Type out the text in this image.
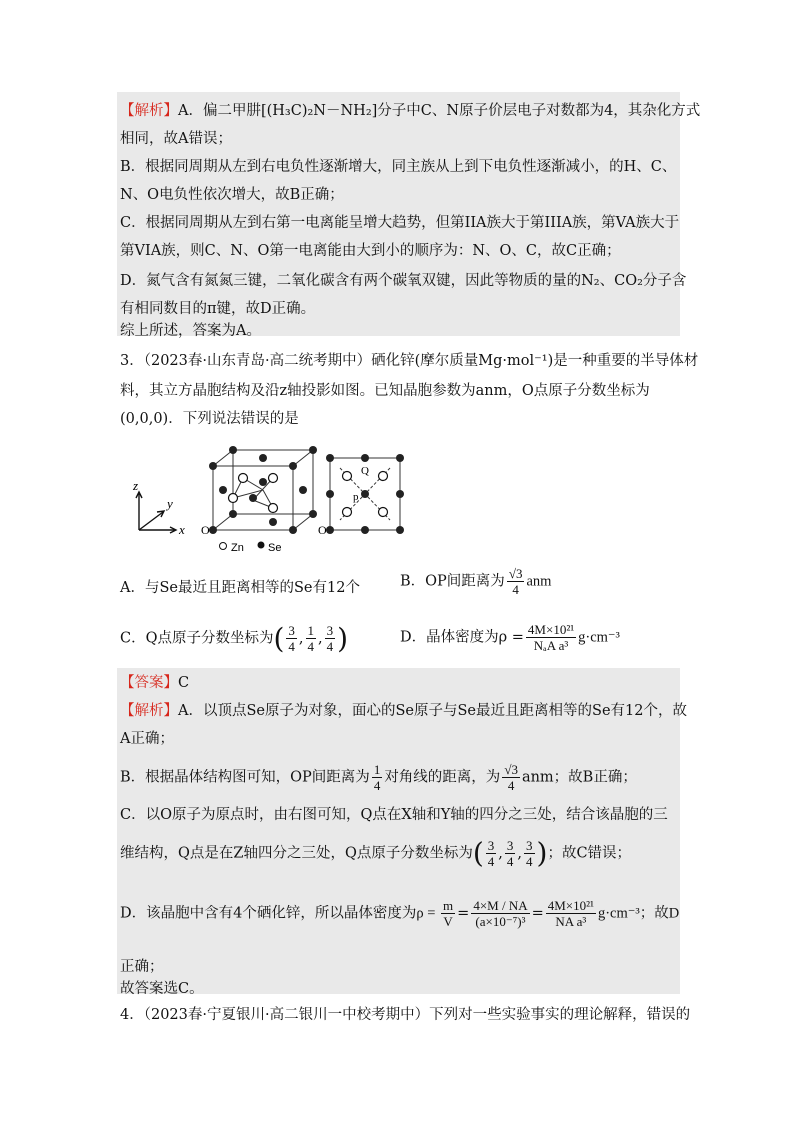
【解析】A．偏二甲肼[(H₃C)₂N－NH₂]分子中C、N原子价层电子对数都为4，其杂化方式
相同，故A错误；
B．根据同周期从左到右电负性逐渐增大，同主族从上到下电负性逐渐减小，的H、C、
N、O电负性依次增大，故B正确；
C．根据同周期从左到右第一电离能呈增大趋势，但第IIA族大于第IIIA族，第VA族大于
第VIA族，则C、N、O第一电离能由大到小的顺序为：N、O、C，故C正确；
D．氮气含有氮氮三键，二氧化碳含有两个碳氧双键，因此等物质的量的N₂、CO₂分子含
有相同数目的π键，故D正确。
综上所述，答案为A。
3．（2023春·山东青岛·高二统考期中）硒化锌(摩尔质量Mg·mol⁻¹)是一种重要的半导体材
料，其立方晶胞结构及沿z轴投影如图。已知晶胞参数为anm，O点原子分数坐标为
(0,0,0)．下列说法错误的是
z
y
x O
Q
p
O
Zn Se
A．与Se最近且距离相等的Se有12个	B．OP间距离为 $\frac{√3}{4}$ anm
C．Q点原子分数坐标为( $\frac{3}{4}$ , $\frac{1}{4}$ , $\frac{3}{4}$ )	D．晶体密度为$\rho = \frac{\text{4M×10²¹}}{\text{NₐA a³}} g\cdot cm^{-3}$
【答案】C
【解析】A．以顶点Se原子为对象，面心的Se原子与Se最近且距离相等的Se有12个，故
A正确；
B．根据晶体结构图可知，OP间距离为 $\frac{1}{4}$ 对角线的距离，为 $\frac{√3}{4}$ anm；故B正确；
C．以O原子为原点时，由右图可知，Q点在X轴和Y轴的四分之三处，结合该晶胞的三
维结构，Q点是在Z轴四分之三处，Q点原子分数坐标为( $\frac{3}{4}$ , $\frac{3}{4}$ , $\frac{3}{4}$ )；故C错误；
D．该晶胞中含有4个硒化锌，所以晶体密度为$\rho = \frac{m}{V} = \frac{4\times M / NA}{\text{(a×10⁻⁷)³}} = \frac{\text{4M×10²¹}}{\text{NA a³}} g\cdot cm^{-3}$；故D
正确；
故答案选C。
4．（2023春·宁夏银川·高二银川一中校考期中）下列对一些实验事实的理论解释，错误的
